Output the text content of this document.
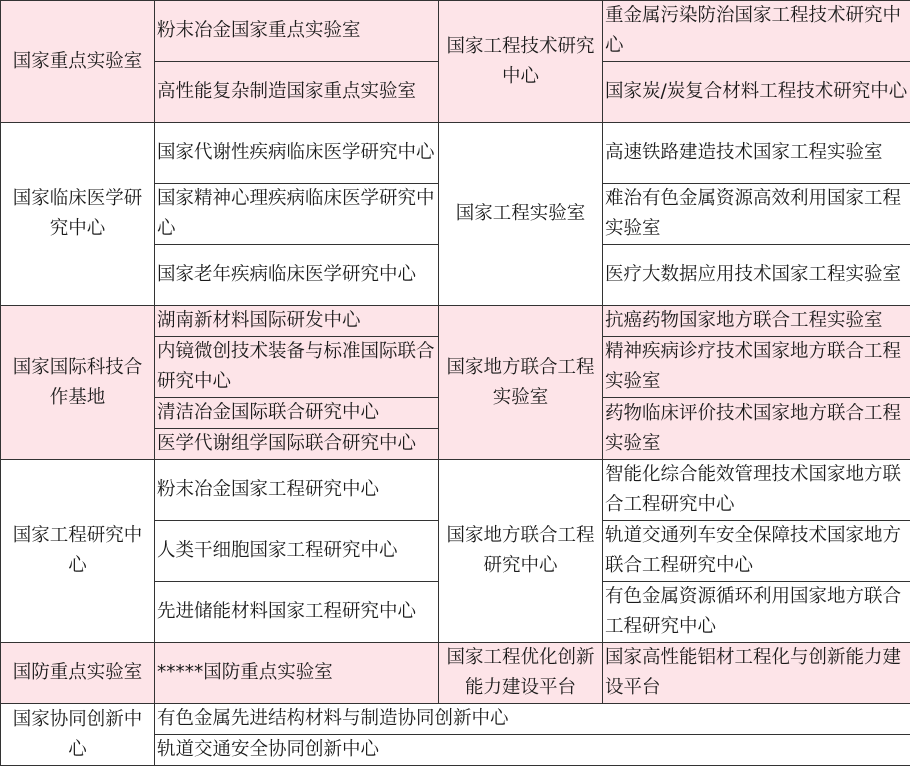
国家重点实验室	粉末冶金国家重点实验室	国家工程技术研究中心	重金属污染防治国家工程技术研究中心
	高性能复杂制造国家重点实验室		国家炭/炭复合材料工程技术研究中心
国家临床医学研究中心	国家代谢性疾病临床医学研究中心	国家工程实验室	高速铁路建造技术国家工程实验室
	国家精神心理疾病临床医学研究中心		难治有色金属资源高效利用国家工程实验室
	国家老年疾病临床医学研究中心		医疗大数据应用技术国家工程实验室
国家国际科技合作基地	湖南新材料国际研发中心	国家地方联合工程实验室	抗癌药物国家地方联合工程实验室
	内镜微创技术装备与标准国际联合研究中心		精神疾病诊疗技术国家地方联合工程实验室
	清洁冶金国际联合研究中心		药物临床评价技术国家地方联合工程实验室
	医学代谢组学国际联合研究中心		
国家工程研究中心	粉末冶金国家工程研究中心	国家地方联合工程研究中心	智能化综合能效管理技术国家地方联合工程研究中心
	人类干细胞国家工程研究中心		轨道交通列车安全保障技术国家地方联合工程研究中心
	先进储能材料国家工程研究中心		有色金属资源循环利用国家地方联合工程研究中心
国防重点实验室	*****国防重点实验室	国家工程优化创新能力建设平台	国家高性能铝材工程化与创新能力建设平台
国家协同创新中心	有色金属先进结构材料与制造协同创新中心		
	轨道交通安全协同创新中心		
